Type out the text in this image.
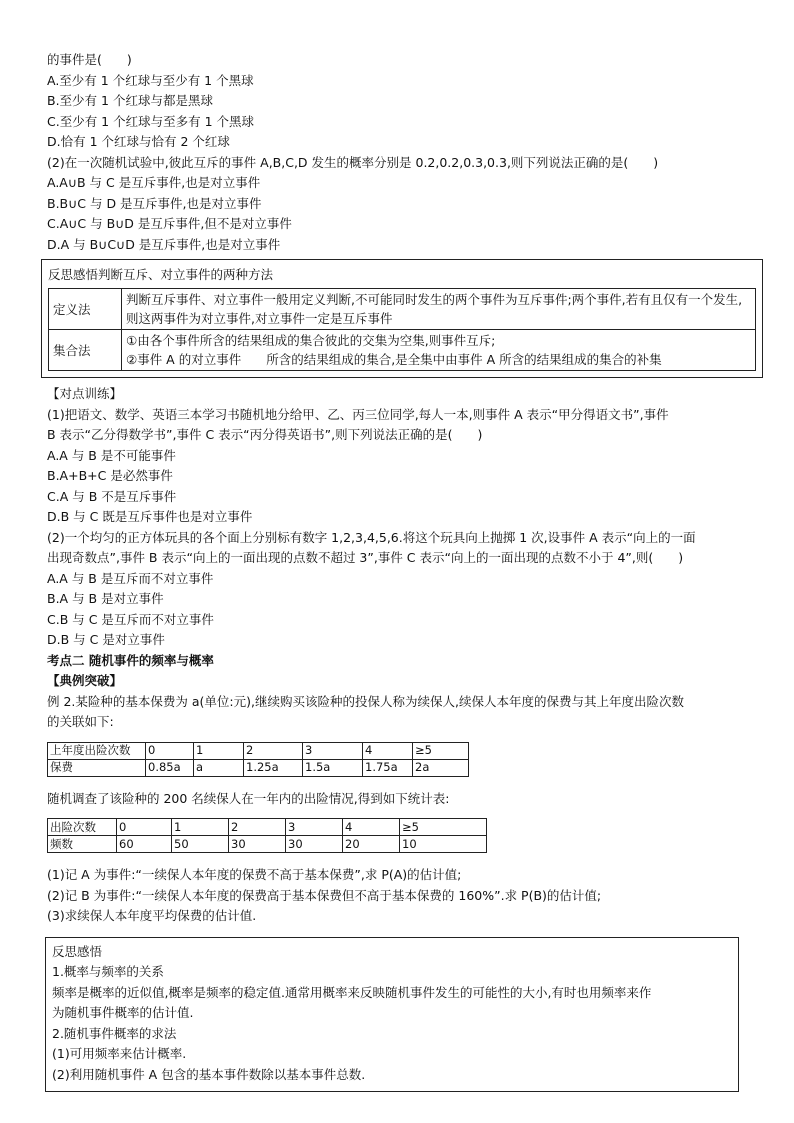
的事件是(　　)
A.至少有 1 个红球与至少有 1 个黑球
B.至少有 1 个红球与都是黑球
C.至少有 1 个红球与至多有 1 个黑球
D.恰有 1 个红球与恰有 2 个红球
(2)在一次随机试验中,彼此互斥的事件 A,B,C,D 发生的概率分别是 0.2,0.2,0.3,0.3,则下列说法正确的是(　　)
A.A∪B 与 C 是互斥事件,也是对立事件
B.B∪C 与 D 是互斥事件,也是对立事件
C.A∪C 与 B∪D 是互斥事件,但不是对立事件
D.A 与 B∪C∪D 是互斥事件,也是对立事件
反思感悟判断互斥、对立事件的两种方法
定义法	判断互斥事件、对立事件一般用定义判断,不可能同时发生的两个事件为互斥事件;两个事件,若有且仅有一个发生,则这两事件为对立事件,对立事件一定是互斥事件
集合法	①由各个事件所含的结果组成的集合彼此的交集为空集,则事件互斥;
②事件 A 的对立事件　　所含的结果组成的集合,是全集中由事件 A 所含的结果组成的集合的补集
【对点训练】
(1)把语文、数学、英语三本学习书随机地分给甲、乙、丙三位同学,每人一本,则事件 A 表示“甲分得语文书”,事件
B 表示“乙分得数学书”,事件 C 表示“丙分得英语书”,则下列说法正确的是(　　)
A.A 与 B 是不可能事件
B.A+B+C 是必然事件
C.A 与 B 不是互斥事件
D.B 与 C 既是互斥事件也是对立事件
(2)一个均匀的正方体玩具的各个面上分别标有数字 1,2,3,4,5,6.将这个玩具向上抛掷 1 次,设事件 A 表示“向上的一面
出现奇数点”,事件 B 表示“向上的一面出现的点数不超过 3”,事件 C 表示“向上的一面出现的点数不小于 4”,则(　　)
A.A 与 B 是互斥而不对立事件
B.A 与 B 是对立事件
C.B 与 C 是互斥而不对立事件
D.B 与 C 是对立事件
考点二 随机事件的频率与概率
【典例突破】
例 2.某险种的基本保费为 a(单位:元),继续购买该险种的投保人称为续保人,续保人本年度的保费与其上年度出险次数
的关联如下:
上年度出险次数	0	1	2	3	4	≥5
保费	0.85a	a	1.25a	1.5a	1.75a	2a
随机调查了该险种的 200 名续保人在一年内的出险情况,得到如下统计表:
出险次数	0	1	2	3	4	≥5
频数	60	50	30	30	20	10
(1)记 A 为事件:“一续保人本年度的保费不高于基本保费”,求 P(A)的估计值;
(2)记 B 为事件:“一续保人本年度的保费高于基本保费但不高于基本保费的 160%”.求 P(B)的估计值;
(3)求续保人本年度平均保费的估计值.
反思感悟
1.概率与频率的关系
频率是概率的近似值,概率是频率的稳定值.通常用概率来反映随机事件发生的可能性的大小,有时也用频率来作
为随机事件概率的估计值.
2.随机事件概率的求法
(1)可用频率来估计概率.
(2)利用随机事件 A 包含的基本事件数除以基本事件总数.
